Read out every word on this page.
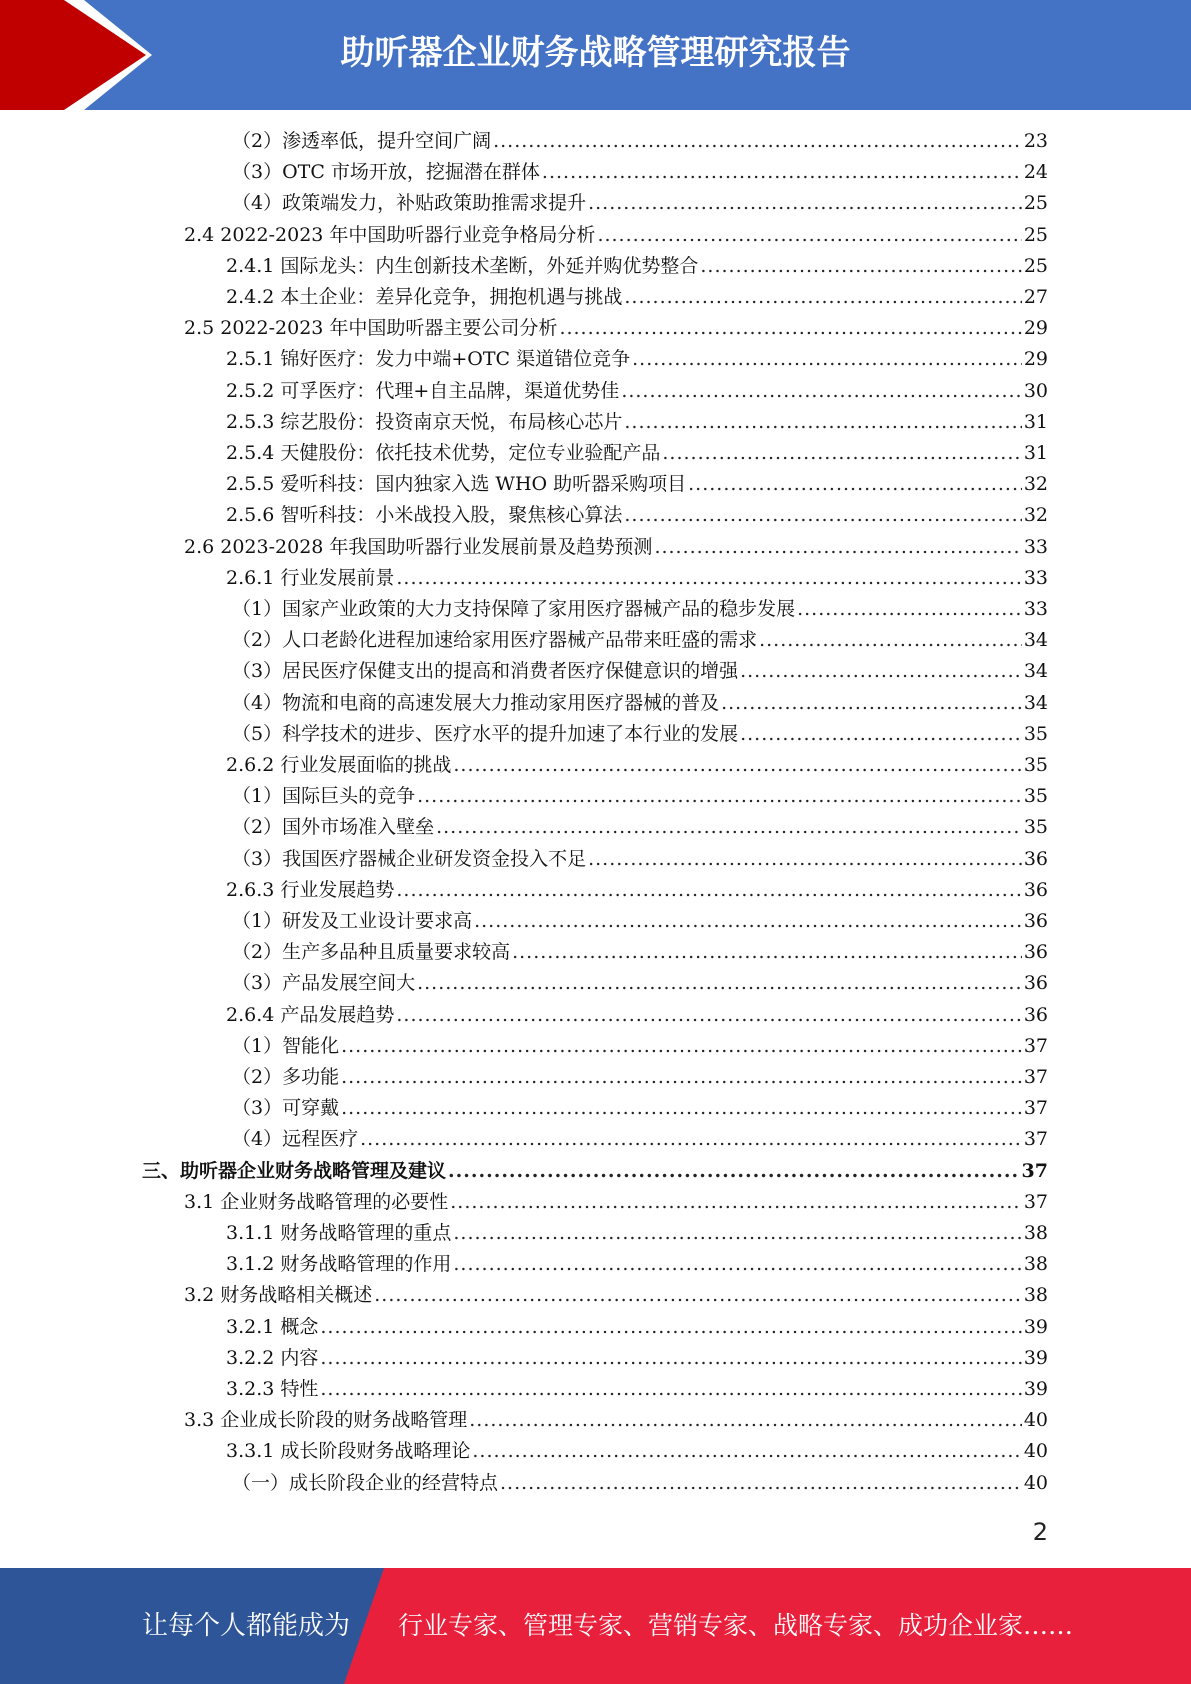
助听器企业财务战略管理研究报告
（2）渗透率低，提升空间广阔 .....	23
（3）OTC 市场开放，挖掘潜在群体 .....	24
（4）政策端发力，补贴政策助推需求提升 .....	25
2.4 2022-2023 年中国助听器行业竞争格局分析 .....	25
2.4.1 国际龙头：内生创新技术垄断，外延并购优势整合 .....	25
2.4.2 本土企业：差异化竞争，拥抱机遇与挑战 .....	27
2.5 2022-2023 年中国助听器主要公司分析 .....	29
2.5.1 锦好医疗：发力中端+OTC 渠道错位竞争 .....	29
2.5.2 可孚医疗：代理+自主品牌，渠道优势佳 .....	30
2.5.3 综艺股份：投资南京天悦，布局核心芯片 .....	31
2.5.4 天健股份：依托技术优势，定位专业验配产品 .....	31
2.5.5 爱听科技：国内独家入选 WHO 助听器采购项目 .....	32
2.5.6 智听科技：小米战投入股，聚焦核心算法 .....	32
2.6 2023-2028 年我国助听器行业发展前景及趋势预测 .....	33
2.6.1 行业发展前景 .....	33
（1）国家产业政策的大力支持保障了家用医疗器械产品的稳步发展 .....	33
（2）人口老龄化进程加速给家用医疗器械产品带来旺盛的需求 .....	34
（3）居民医疗保健支出的提高和消费者医疗保健意识的增强 .....	34
（4）物流和电商的高速发展大力推动家用医疗器械的普及 .....	34
（5）科学技术的进步、医疗水平的提升加速了本行业的发展 .....	35
2.6.2 行业发展面临的挑战 .....	35
（1）国际巨头的竞争 .....	35
（2）国外市场准入壁垒 .....	35
（3）我国医疗器械企业研发资金投入不足 .....	36
2.6.3 行业发展趋势 .....	36
（1）研发及工业设计要求高 .....	36
（2）生产多品种且质量要求较高 .....	36
（3）产品发展空间大 .....	36
2.6.4 产品发展趋势 .....	36
（1）智能化 .....	37
（2）多功能 .....	37
（3）可穿戴 .....	37
（4）远程医疗 .....	37
三、助听器企业财务战略管理及建议 .....	37
3.1 企业财务战略管理的必要性 .....	37
3.1.1 财务战略管理的重点 .....	38
3.1.2 财务战略管理的作用 .....	38
3.2 财务战略相关概述 .....	38
3.2.1 概念 .....	39
3.2.2 内容 .....	39
3.2.3 特性 .....	39
3.3 企业成长阶段的财务战略管理 .....	40
3.3.1 成长阶段财务战略理论 .....	40
（一）成长阶段企业的经营特点 .....	40
2
让每个人都能成为 行业专家、管理专家、营销专家、战略专家、成功企业家……
